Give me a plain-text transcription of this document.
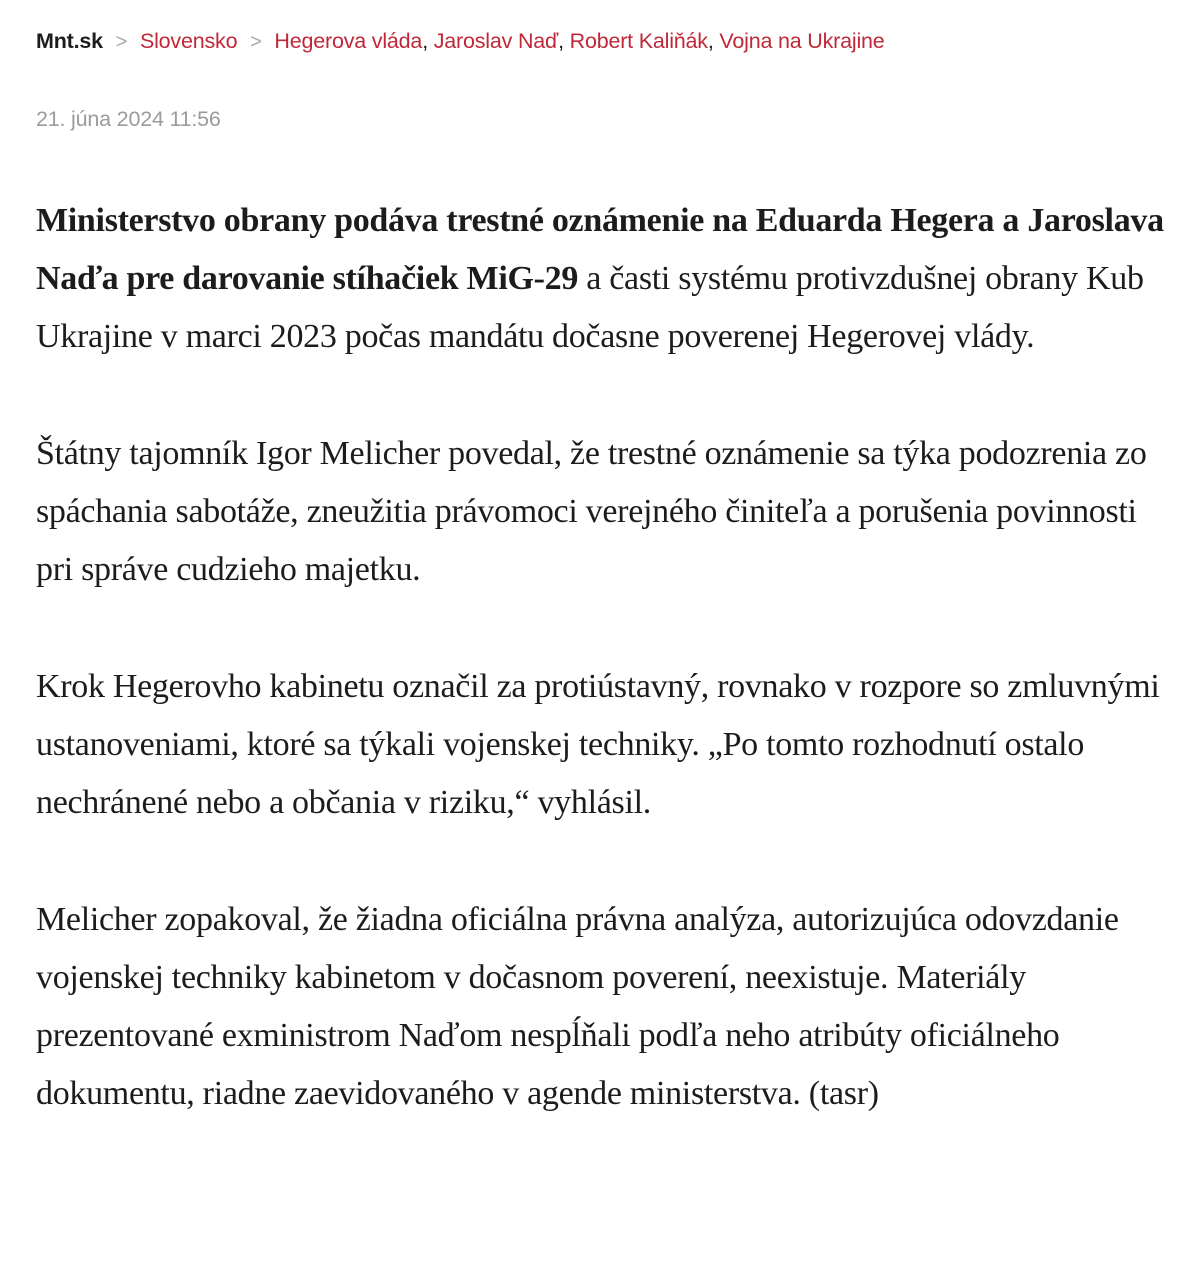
Mnt.sk > Slovensko > Hegerova vláda, Jaroslav Naď, Robert Kaliňák, Vojna na Ukrajine
21. júna 2024 11:56

Ministerstvo obrany podáva trestné oznámenie na Eduarda Hegera a Jaroslava Naďa pre darovanie stíhačiek MiG-29 a časti systému protivzdušnej obrany Kub Ukrajine v marci 2023 počas mandátu dočasne poverenej Hegerovej vlády.

Štátny tajomník Igor Melicher povedal, že trestné oznámenie sa týka podozrenia zo spáchania sabotáže, zneužitia právomoci verejného činiteľa a porušenia povinnosti pri správe cudzieho majetku.

Krok Hegerovho kabinetu označil za protiústavný, rovnako v rozpore so zmluvnými ustanoveniami, ktoré sa týkali vojenskej techniky. „Po tomto rozhodnutí ostalo nechránené nebo a občania v riziku,“ vyhlásil.

Melicher zopakoval, že žiadna oficiálna právna analýza, autorizujúca odovzdanie vojenskej techniky kabinetom v dočasnom poverení, neexistuje. Materiály prezentované exministrom Naďom nespĺňali podľa neho atribúty oficiálneho dokumentu, riadne zaevidovaného v agende ministerstva. (tasr)
